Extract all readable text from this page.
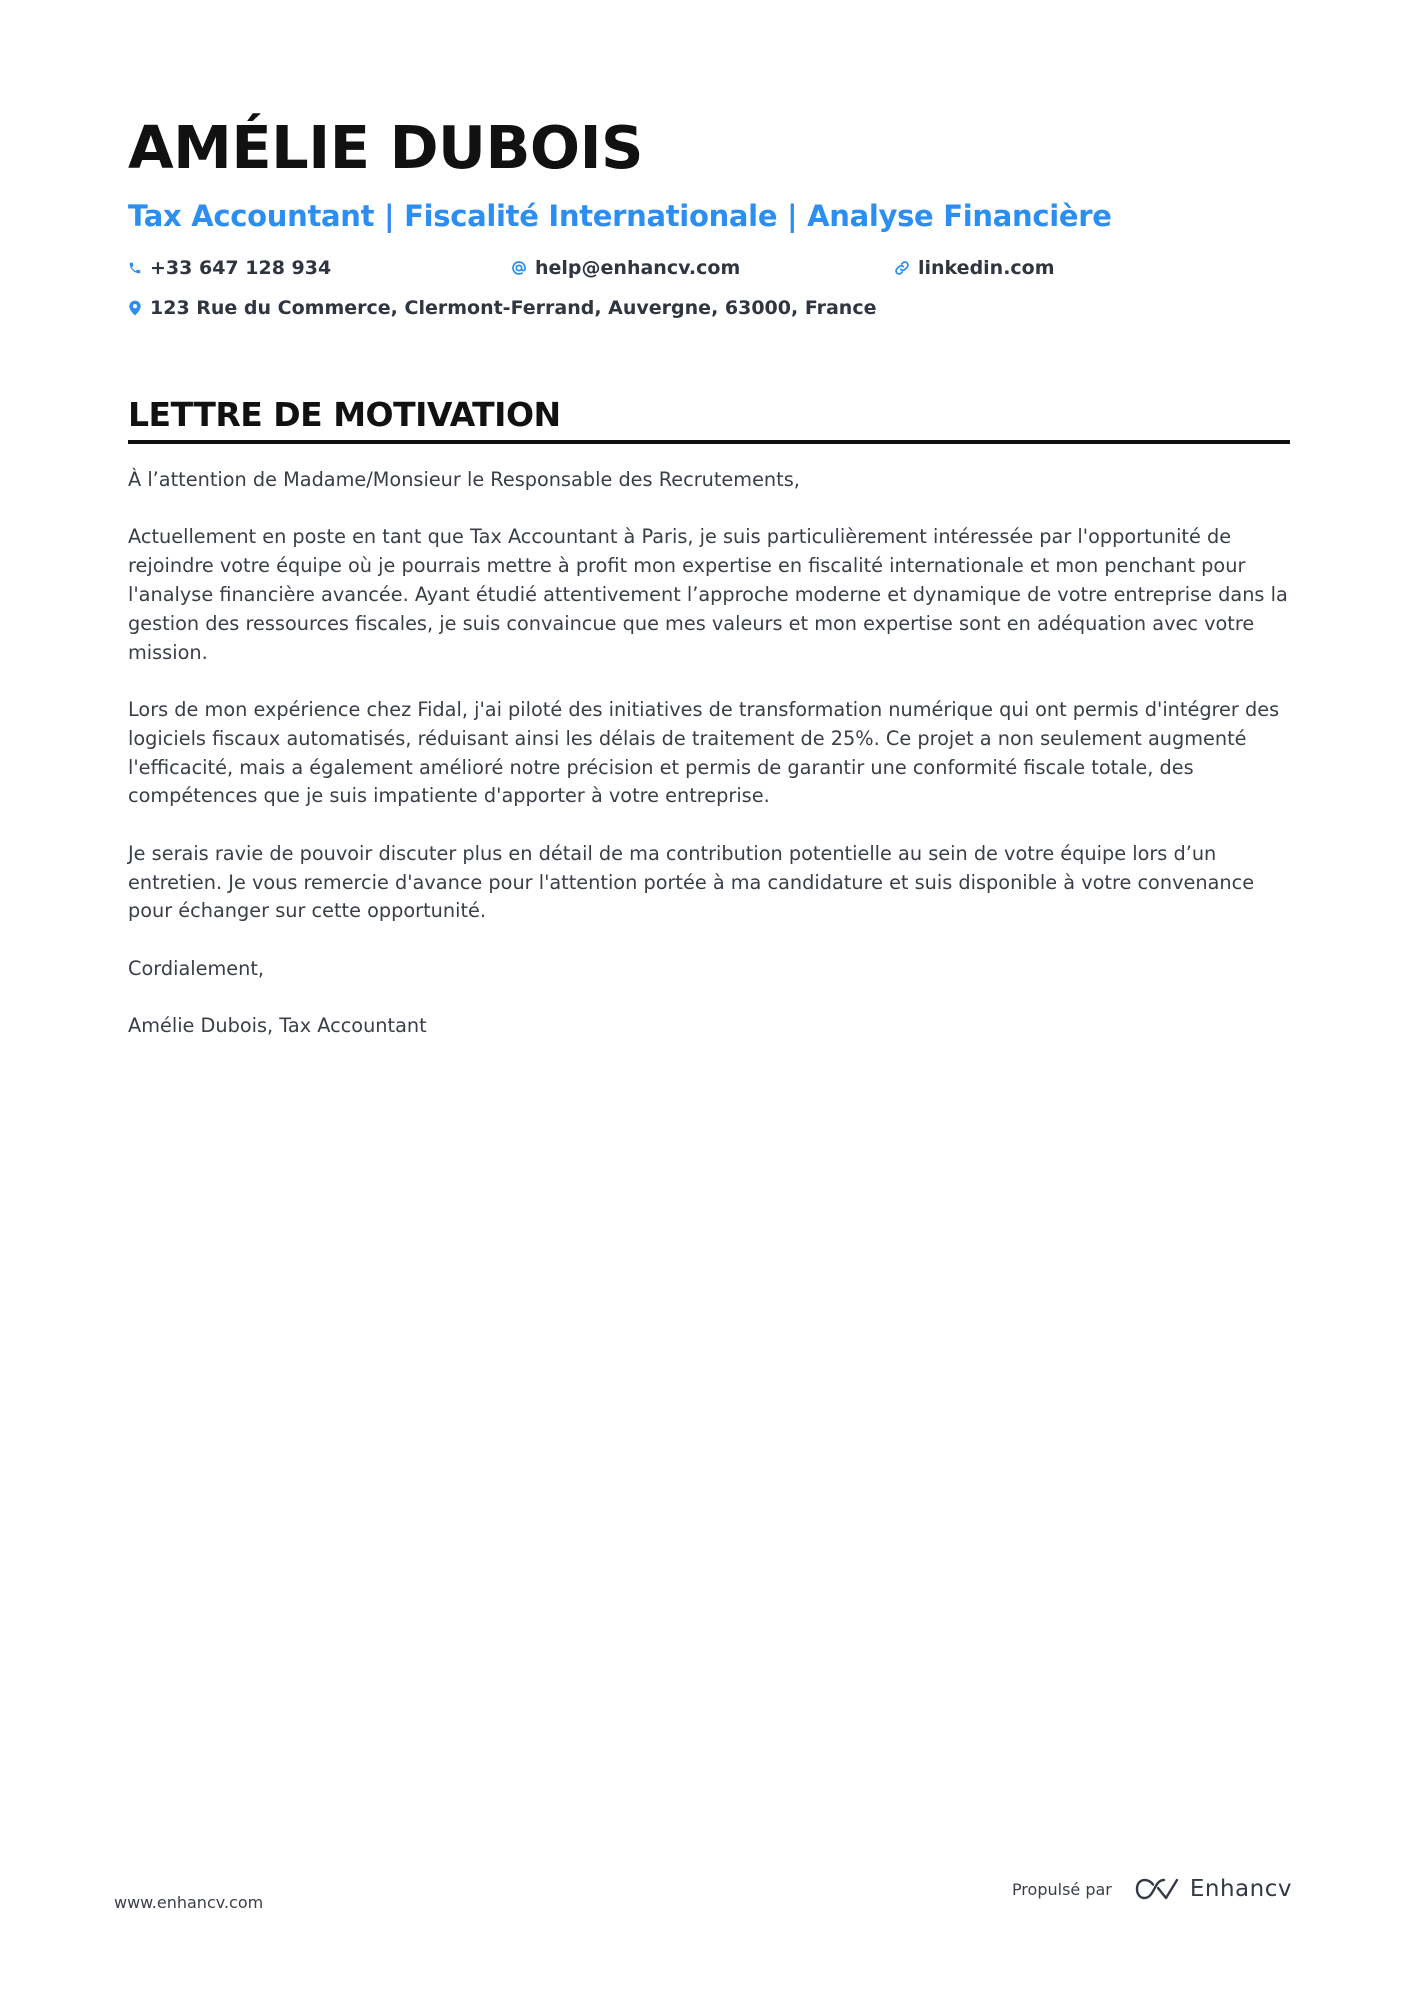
AMÉLIE DUBOIS
Tax Accountant | Fiscalité Internationale | Analyse Financière
+33 647 128 934	help@enhancv.com	linkedin.com
123 Rue du Commerce, Clermont-Ferrand, Auvergne, 63000, France
LETTRE DE MOTIVATION

À l’attention de Madame/Monsieur le Responsable des Recrutements,

Actuellement en poste en tant que Tax Accountant à Paris, je suis particulièrement intéressée par l'opportunité de rejoindre votre équipe où je pourrais mettre à profit mon expertise en fiscalité internationale et mon penchant pour l'analyse financière avancée. Ayant étudié attentivement l’approche moderne et dynamique de votre entreprise dans la gestion des ressources fiscales, je suis convaincue que mes valeurs et mon expertise sont en adéquation avec votre mission.

Lors de mon expérience chez Fidal, j'ai piloté des initiatives de transformation numérique qui ont permis d'intégrer des logiciels fiscaux automatisés, réduisant ainsi les délais de traitement de 25%. Ce projet a non seulement augmenté l'efficacité, mais a également amélioré notre précision et permis de garantir une conformité fiscale totale, des compétences que je suis impatiente d'apporter à votre entreprise.

Je serais ravie de pouvoir discuter plus en détail de ma contribution potentielle au sein de votre équipe lors d’un entretien. Je vous remercie d'avance pour l'attention portée à ma candidature et suis disponible à votre convenance pour échanger sur cette opportunité.

Cordialement,

Amélie Dubois, Tax Accountant

www.enhancv.com
Propulsé par	Enhancv
